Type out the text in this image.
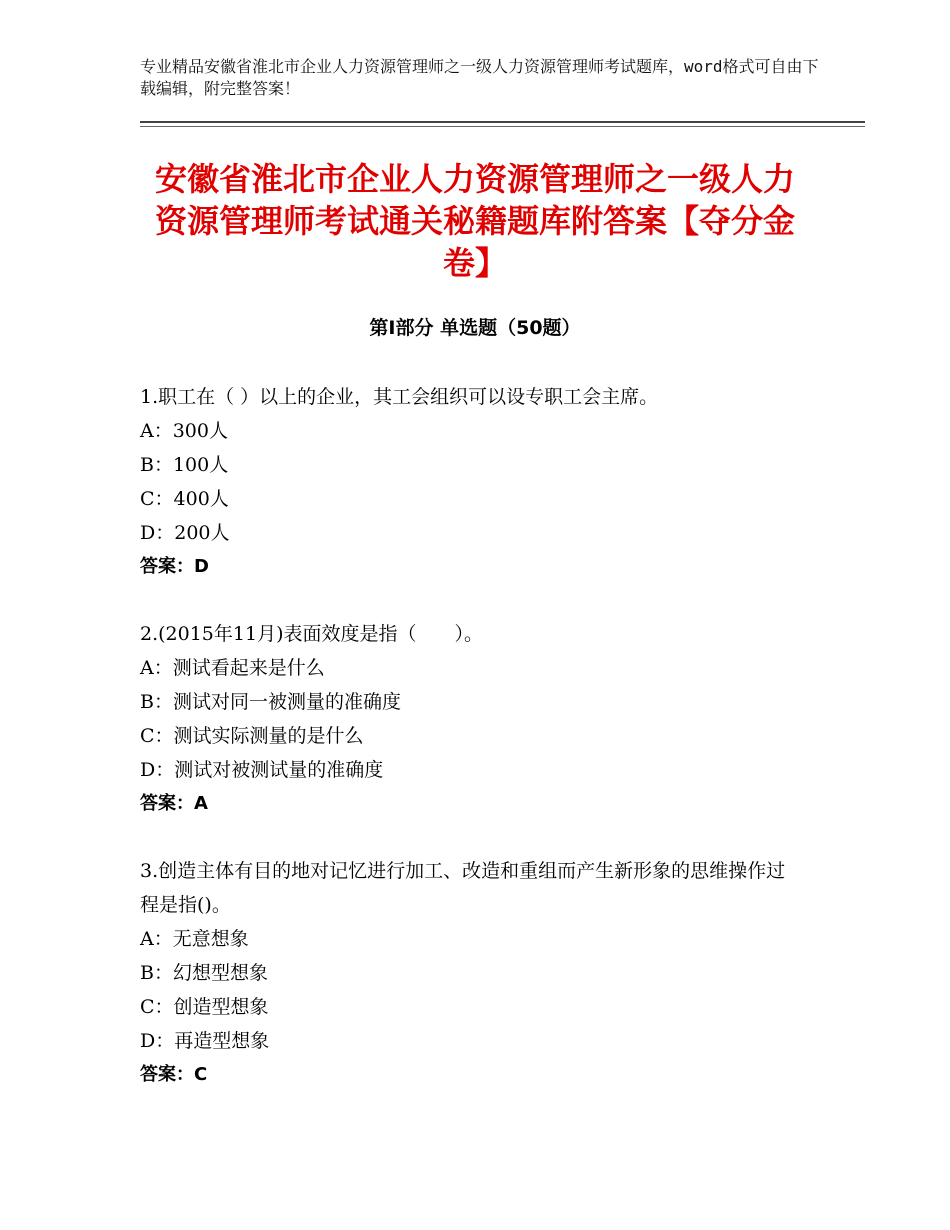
专业精品安徽省淮北市企业人力资源管理师之一级人力资源管理师考试题库，word格式可自由下载编辑，附完整答案！
安徽省淮北市企业人力资源管理师之一级人力资源管理师考试通关秘籍题库附答案【夺分金卷】
第Ⅰ部分 单选题（50题）
1.职工在（ ）以上的企业，其工会组织可以设专职工会主席。
A：300人
B：100人
C：400人
D：200人
答案：D
2.(2015年11月)表面效度是指（　　）。
A：测试看起来是什么
B：测试对同一被测量的准确度
C：测试实际测量的是什么
D：测试对被测试量的准确度
答案：A
3.创造主体有目的地对记忆进行加工、改造和重组而产生新形象的思维操作过程是指()。
A：无意想象
B：幻想型想象
C：创造型想象
D：再造型想象
答案：C
